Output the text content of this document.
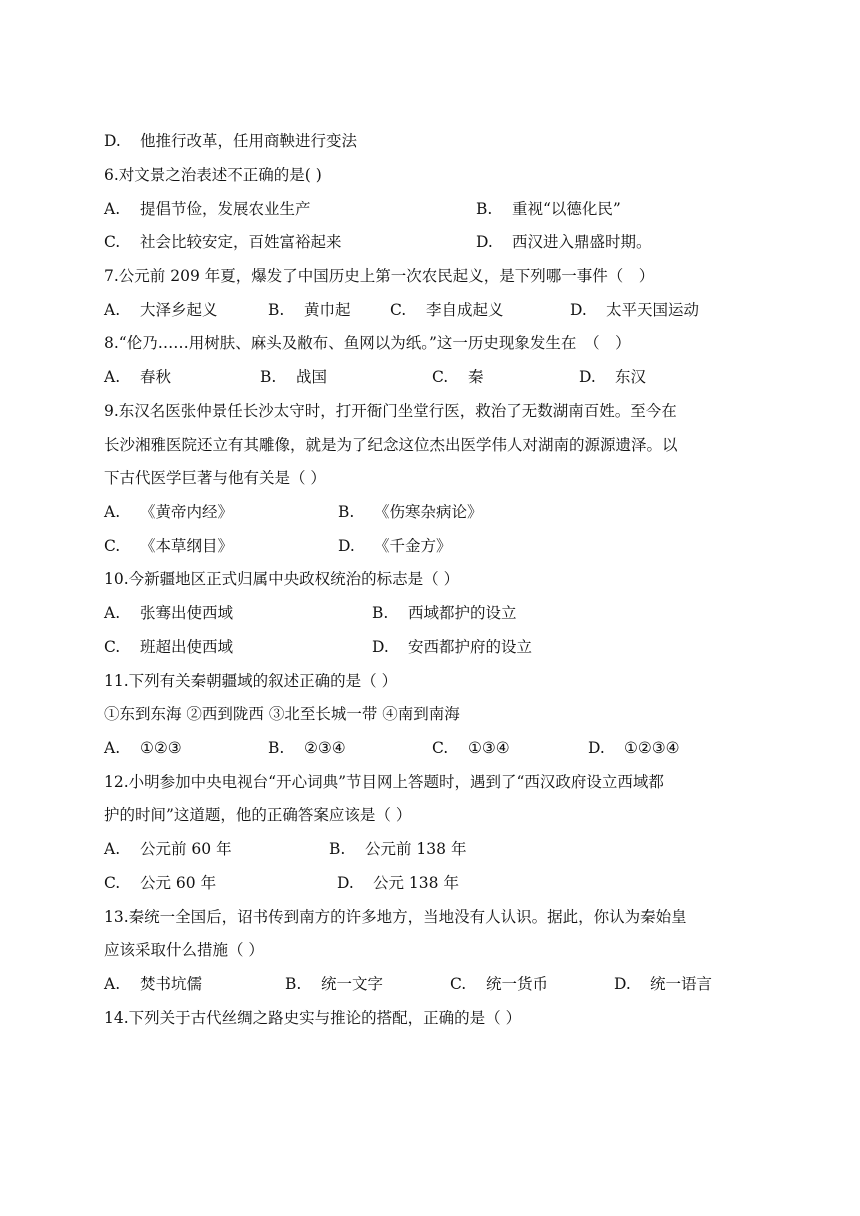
D. 他推行改革，任用商鞅进行变法
6.对文景之治表述不正确的是( )
A. 提倡节俭，发展农业生产	B. 重视“以德化民”
C. 社会比较安定，百姓富裕起来	D. 西汉进入鼎盛时期。
7.公元前 209 年夏，爆发了中国历史上第一次农民起义，是下列哪一事件（　）
A. 大泽乡起义	B. 黄巾起	C. 李自成起义	D. 太平天国运动
8.“伦乃……用树肤、麻头及敝布、鱼网以为纸。”这一历史现象发生在　（　）
A. 春秋	B. 战国	C. 秦	D. 东汉
9.东汉名医张仲景任长沙太守时，打开衙门坐堂行医，救治了无数湖南百姓。至今在
长沙湘雅医院还立有其雕像，就是为了纪念这位杰出医学伟人对湖南的源源遗泽。以
下古代医学巨著与他有关是（ ）
A. 《黄帝内经》	B. 《伤寒杂病论》
C. 《本草纲目》	D. 《千金方》
10.今新疆地区正式归属中央政权统治的标志是（ ）
A. 张骞出使西域	B. 西域都护的设立
C. 班超出使西域	D. 安西都护府的设立
11.下列有关秦朝疆域的叙述正确的是（ ）
①东到东海 ②西到陇西 ③北至长城一带 ④南到南海
A. ①②③	B. ②③④	C. ①③④	D. ①②③④
12.小明参加中央电视台“开心词典”节目网上答题时，遇到了“西汉政府设立西域都
护的时间”这道题，他的正确答案应该是（ ）
A. 公元前 60 年	B. 公元前 138 年
C. 公元 60 年	D. 公元 138 年
13.秦统一全国后，诏书传到南方的许多地方，当地没有人认识。据此，你认为秦始皇
应该采取什么措施（ ）
A. 焚书坑儒	B. 统一文字	C. 统一货币	D. 统一语言
14.下列关于古代丝绸之路史实与推论的搭配，正确的是（ ）
